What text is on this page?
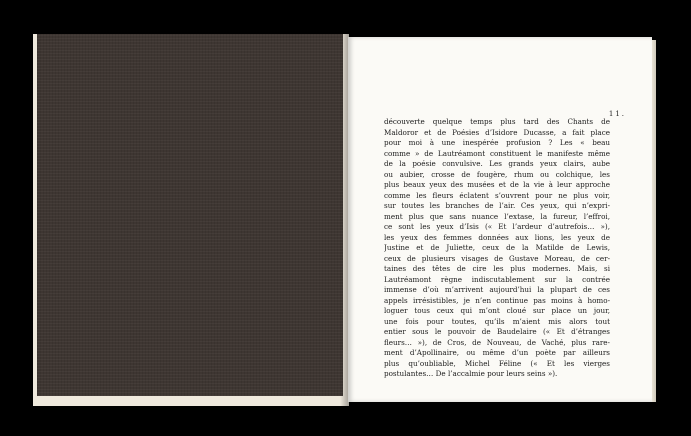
11.

découverte quelque temps plus tard des Chants de
Maldoror et de Poésies d’Isidore Ducasse, a fait place
pour moi à une inespérée profusion ? Les « beau
comme » de Lautréamont constituent le manifeste même
de la poésie convulsive. Les grands yeux clairs, aube
ou aubier, crosse de fougère, rhum ou colchique, les
plus beaux yeux des musées et de la vie à leur approche
comme les fleurs éclatent s’ouvrent pour ne plus voir,
sur toutes les branches de l’air. Ces yeux, qui n’expri-
ment plus que sans nuance l’extase, la fureur, l’effroi,
ce sont les yeux d’Isis (« Et l’ardeur d’autrefois… »),
les yeux des femmes données aux lions, les yeux de
Justine et de Juliette, ceux de la Matilde de Lewis,
ceux de plusieurs visages de Gustave Moreau, de cer-
taines des têtes de cire les plus modernes. Mais, si
Lautréamont règne indiscutablement sur la contrée
immense d’où m’arrivent aujourd’hui la plupart de ces
appels irrésistibles, je n’en continue pas moins à homo-
loguer tous ceux qui m’ont cloué sur place un jour,
une fois pour toutes, qu’ils m’aient mis alors tout
entier sous le pouvoir de Baudelaire (« Et d’étranges
fleurs… »), de Cros, de Nouveau, de Vaché, plus rare-
ment d’Apollinaire, ou même d’un poète par ailleurs
plus qu’oubliable, Michel Féline (« Et les vierges
postulantes… De l’accalmie pour leurs seins »).
